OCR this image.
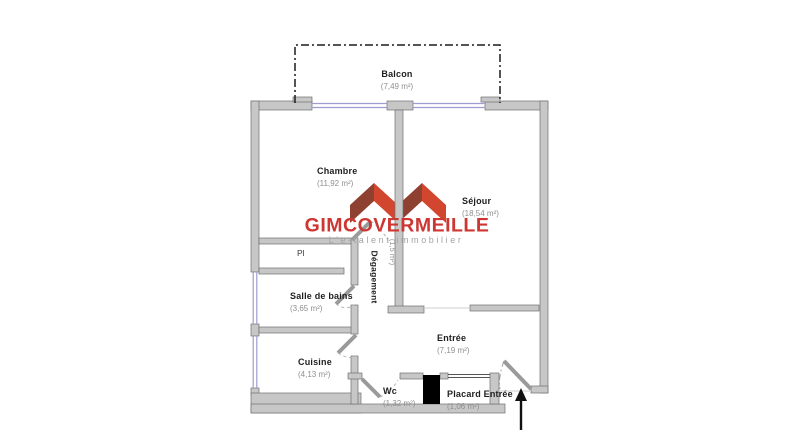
Balcon
(7,49 m²)
Chambre
(11,92 m²)
Séjour
(18,54 m²)
Dégagement (1,5 m²)
Salle de bains
(3,65 m²)
Cuisine
(4,13 m²)
Entrée
(7,19 m²)
Wc
(1,32 m²)
Placard Entrée
(1,06 m²)
Pl
GIMCOVERMEILLE
L'e-talent immobilier
